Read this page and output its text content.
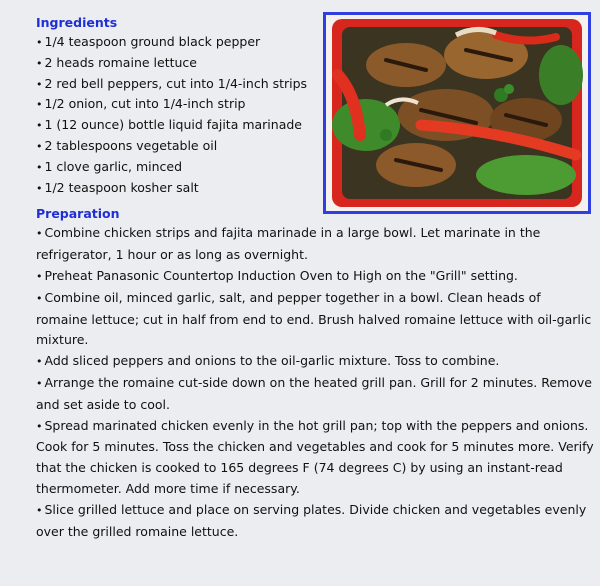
Ingredients
• 1/4 teaspoon ground black pepper
• 2 heads romaine lettuce
• 2 red bell peppers, cut into 1/4-inch strips
• 1/2 onion, cut into 1/4-inch strip
• 1 (12 ounce) bottle liquid fajita marinade
• 2 tablespoons vegetable oil
• 1 clove garlic, minced
• 1/2 teaspoon kosher salt
Preparation
• Combine chicken strips and fajita marinade in a large bowl. Let marinate in the refrigerator, 1 hour or as long as overnight.
• Preheat Panasonic Countertop Induction Oven to High on the "Grill" setting.
• Combine oil, minced garlic, salt, and pepper together in a bowl. Clean heads of romaine lettuce; cut in half from end to end. Brush halved romaine lettuce with oil-garlic mixture.
• Add sliced peppers and onions to the oil-garlic mixture. Toss to combine.
• Arrange the romaine cut-side down on the heated grill pan. Grill for 2 minutes. Remove and set aside to cool.
• Spread marinated chicken evenly in the hot grill pan; top with the peppers and onions. Cook for 5 minutes. Toss the chicken and vegetables and cook for 5 minutes more. Verify that the chicken is cooked to 165 degrees F (74 degrees C) by using an instant-read thermometer. Add more time if necessary.
• Slice grilled lettuce and place on serving plates. Divide chicken and vegetables evenly over the grilled romaine lettuce.
